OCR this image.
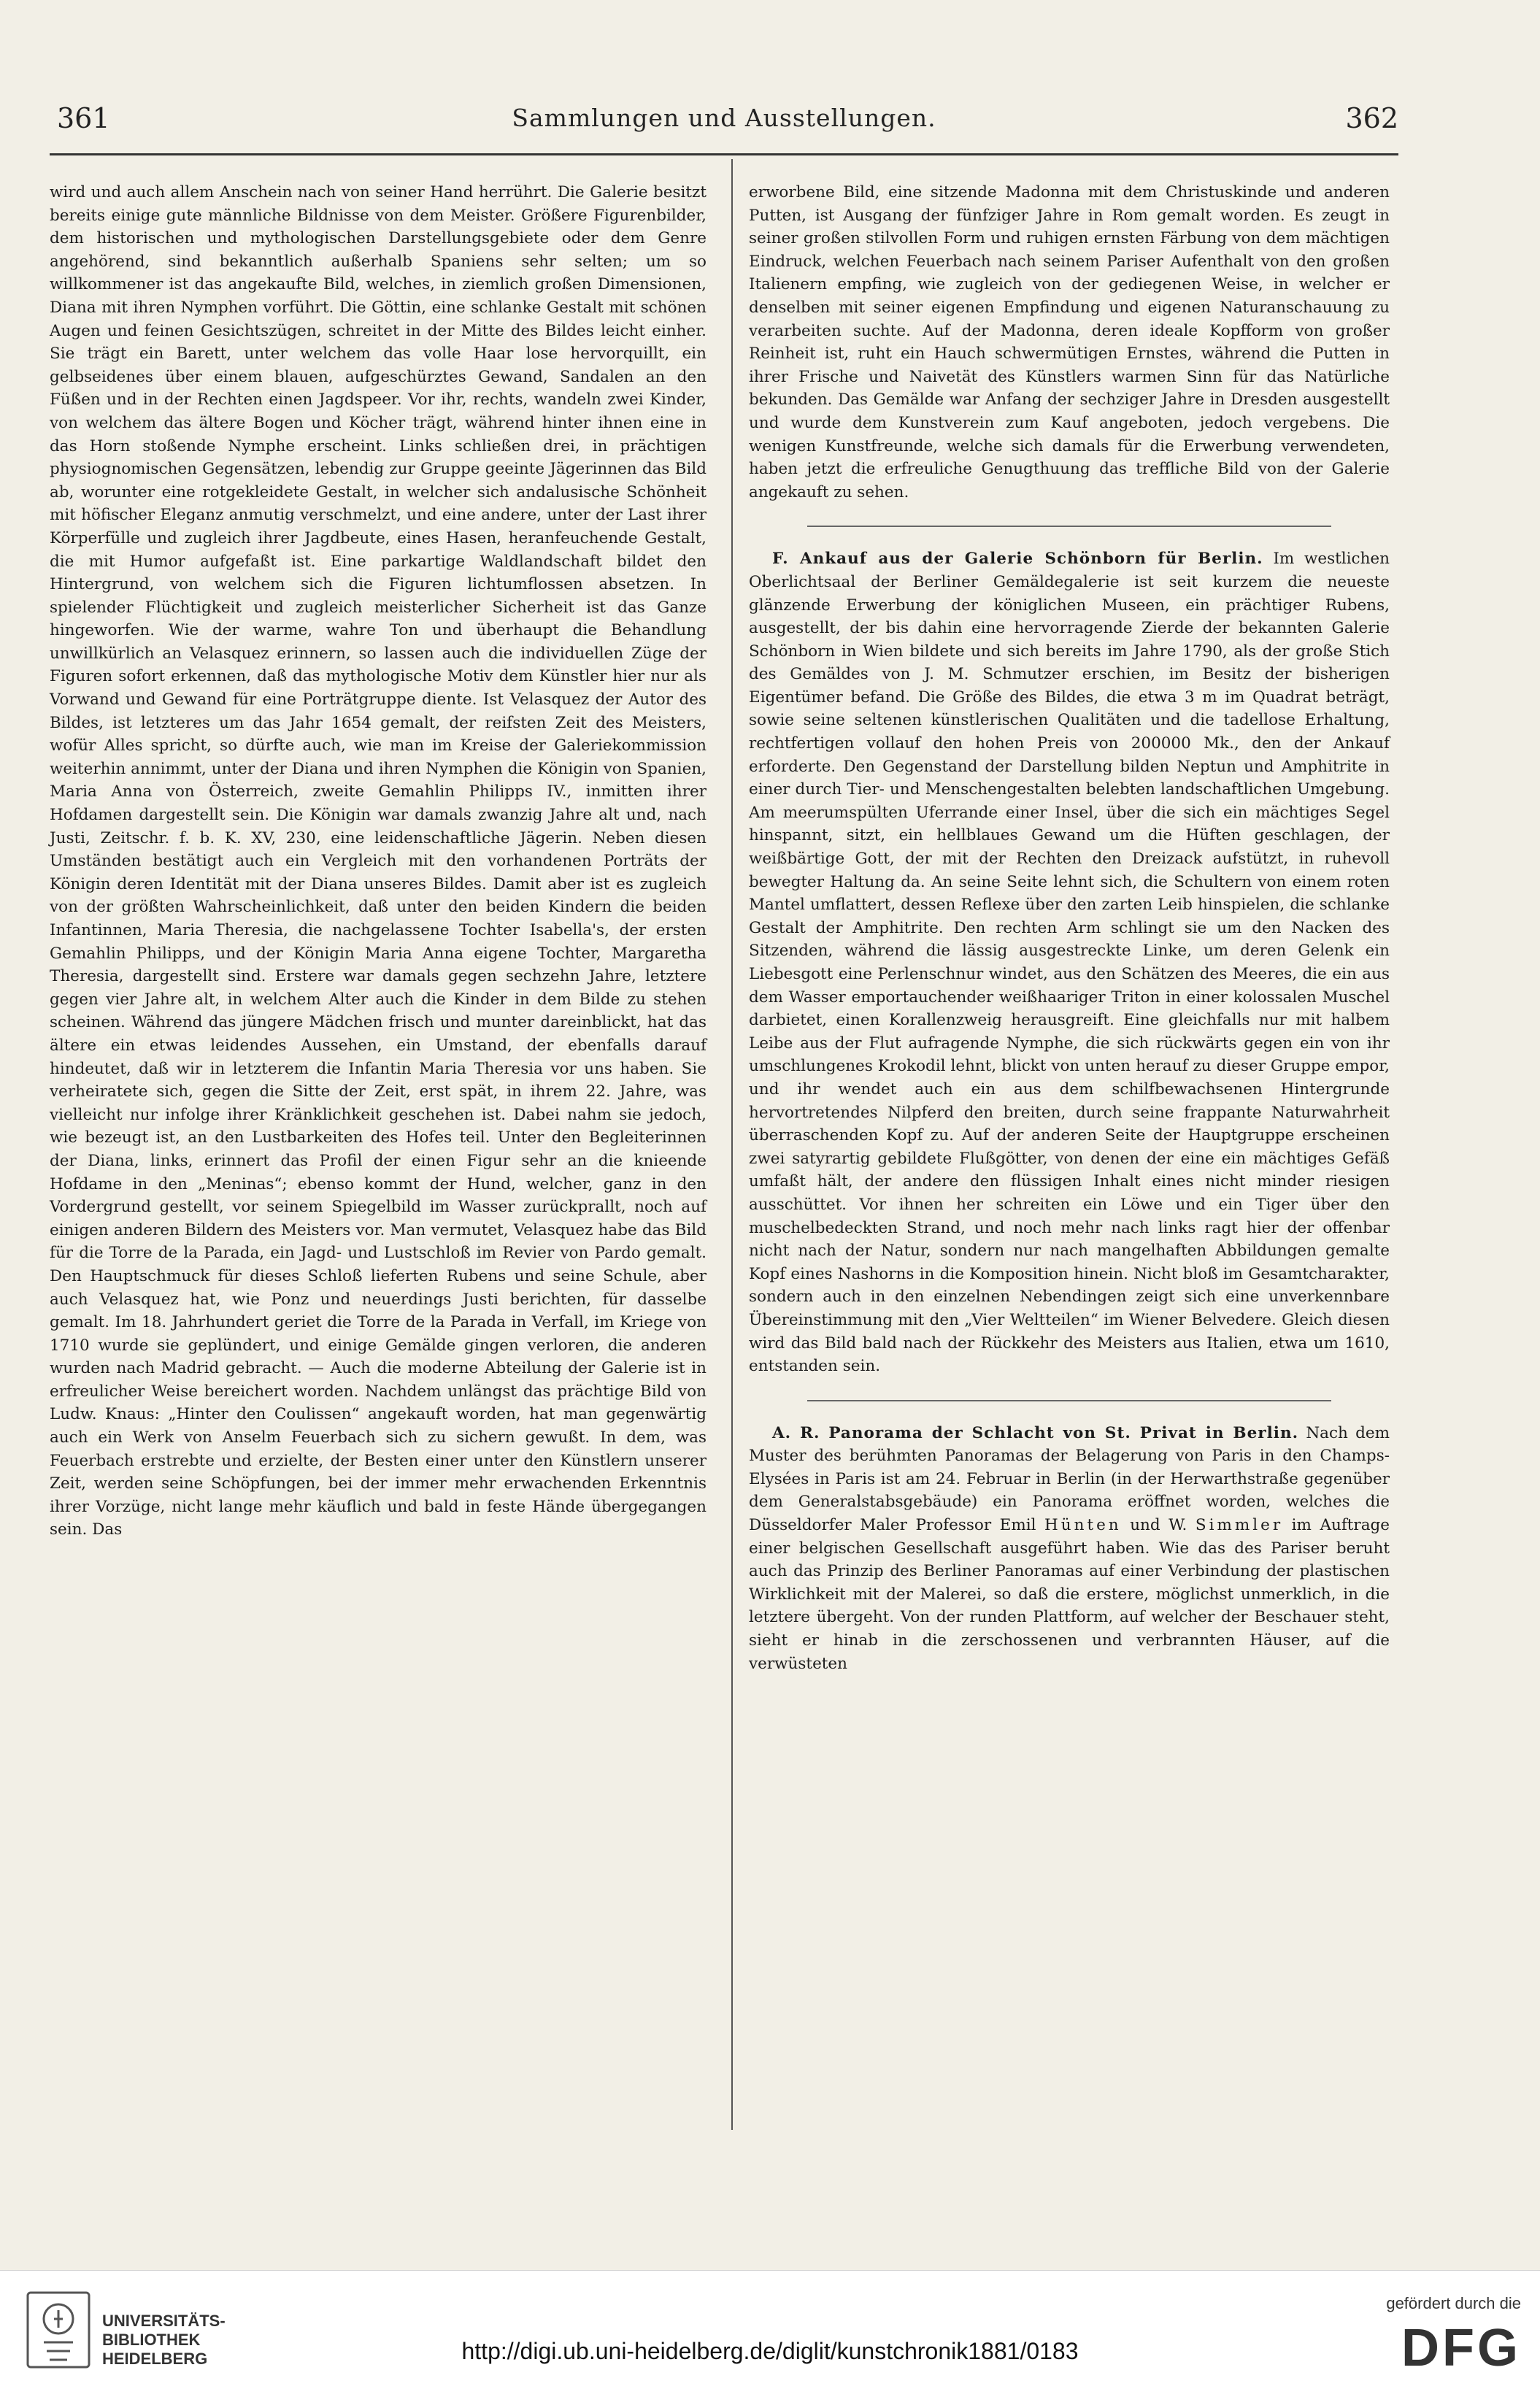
361	Sammlungen und Ausstellungen.	362

wird und auch allem Anschein nach von seiner Hand herrührt. Die Galerie besitzt bereits einige gute männliche Bildnisse von dem Meister. Größere Figurenbilder, dem historischen und mythologischen Darstellungsgebiete oder dem Genre angehörend, sind bekanntlich außerhalb Spaniens sehr selten; um so willkommener ist das angekaufte Bild, welches, in ziemlich großen Dimensionen, Diana mit ihren Nymphen vorführt. Die Göttin, eine schlanke Gestalt mit schönen Augen und feinen Gesichtszügen, schreitet in der Mitte des Bildes leicht einher. Sie trägt ein Barett, unter welchem das volle Haar lose hervorquillt, ein gelbseidenes über einem blauen, aufgeschürztes Gewand, Sandalen an den Füßen und in der Rechten einen Jagdspeer. Vor ihr, rechts, wandeln zwei Kinder, von welchem das ältere Bogen und Köcher trägt, während hinter ihnen eine in das Horn stoßende Nymphe erscheint. Links schließen drei, in prächtigen physiognomischen Gegensätzen, lebendig zur Gruppe geeinte Jägerinnen das Bild ab, worunter eine rotgekleidete Gestalt, in welcher sich andalusische Schönheit mit höfischer Eleganz anmutig verschmelzt, und eine andere, unter der Last ihrer Körperfülle und zugleich ihrer Jagdbeute, eines Hasen, heranfeuchende Gestalt, die mit Humor aufgefaßt ist. Eine parkartige Waldlandschaft bildet den Hintergrund, von welchem sich die Figuren lichtumflossen absetzen. In spielender Flüchtigkeit und zugleich meisterlicher Sicherheit ist das Ganze hingeworfen. Wie der warme, wahre Ton und überhaupt die Behandlung unwillkürlich an Velasquez erinnern, so lassen auch die individuellen Züge der Figuren sofort erkennen, daß das mythologische Motiv dem Künstler hier nur als Vorwand und Gewand für eine Porträtgruppe diente. Ist Velasquez der Autor des Bildes, ist letzteres um das Jahr 1654 gemalt, der reifsten Zeit des Meisters, wofür Alles spricht, so dürfte auch, wie man im Kreise der Galeriekommission weiterhin annimmt, unter der Diana und ihren Nymphen die Königin von Spanien, Maria Anna von Österreich, zweite Gemahlin Philipps IV., inmitten ihrer Hofdamen dargestellt sein. Die Königin war damals zwanzig Jahre alt und, nach Justi, Zeitschr. f. b. K. XV, 230, eine leidenschaftliche Jägerin. Neben diesen Umständen bestätigt auch ein Vergleich mit den vorhandenen Porträts der Königin deren Identität mit der Diana unseres Bildes. Damit aber ist es zugleich von der größten Wahrscheinlichkeit, daß unter den beiden Kindern die beiden Infantinnen, Maria Theresia, die nachgelassene Tochter Isabella's, der ersten Gemahlin Philipps, und der Königin Maria Anna eigene Tochter, Margaretha Theresia, dargestellt sind. Erstere war damals gegen sechzehn Jahre, letztere gegen vier Jahre alt, in welchem Alter auch die Kinder in dem Bilde zu stehen scheinen. Während das jüngere Mädchen frisch und munter dareinblickt, hat das ältere ein etwas leidendes Aussehen, ein Umstand, der ebenfalls darauf hindeutet, daß wir in letzterem die Infantin Maria Theresia vor uns haben. Sie verheiratete sich, gegen die Sitte der Zeit, erst spät, in ihrem 22. Jahre, was vielleicht nur infolge ihrer Kränklichkeit geschehen ist. Dabei nahm sie jedoch, wie bezeugt ist, an den Lustbarkeiten des Hofes teil. Unter den Begleiterinnen der Diana, links, erinnert das Profil der einen Figur sehr an die knieende Hofdame in den „Meninas“; ebenso kommt der Hund, welcher, ganz in den Vordergrund gestellt, vor seinem Spiegelbild im Wasser zurückprallt, noch auf einigen anderen Bildern des Meisters vor. Man vermutet, Velasquez habe das Bild für die Torre de la Parada, ein Jagd- und Lustschloß im Revier von Pardo gemalt. Den Hauptschmuck für dieses Schloß lieferten Rubens und seine Schule, aber auch Velasquez hat, wie Ponz und neuerdings Justi berichten, für dasselbe gemalt. Im 18. Jahrhundert geriet die Torre de la Parada in Verfall, im Kriege von 1710 wurde sie geplündert, und einige Gemälde gingen verloren, die anderen wurden nach Madrid gebracht. — Auch die moderne Abteilung der Galerie ist in erfreulicher Weise bereichert worden. Nachdem unlängst das prächtige Bild von Ludw. Knaus: „Hinter den Coulissen“ angekauft worden, hat man gegenwärtig auch ein Werk von Anselm Feuerbach sich zu sichern gewußt. In dem, was Feuerbach erstrebte und erzielte, der Besten einer unter den Künstlern unserer Zeit, werden seine Schöpfungen, bei der immer mehr erwachenden Erkenntnis ihrer Vorzüge, nicht lange mehr käuflich und bald in feste Hände übergegangen sein. Das

erworbene Bild, eine sitzende Madonna mit dem Christuskinde und anderen Putten, ist Ausgang der fünfziger Jahre in Rom gemalt worden. Es zeugt in seiner großen stilvollen Form und ruhigen ernsten Färbung von dem mächtigen Eindruck, welchen Feuerbach nach seinem Pariser Aufenthalt von den großen Italienern empfing, wie zugleich von der gediegenen Weise, in welcher er denselben mit seiner eigenen Empfindung und eigenen Naturanschauung zu verarbeiten suchte. Auf der Madonna, deren ideale Kopfform von großer Reinheit ist, ruht ein Hauch schwermütigen Ernstes, während die Putten in ihrer Frische und Naivetät des Künstlers warmen Sinn für das Natürliche bekunden. Das Gemälde war Anfang der sechziger Jahre in Dresden ausgestellt und wurde dem Kunstverein zum Kauf angeboten, jedoch vergebens. Die wenigen Kunstfreunde, welche sich damals für die Erwerbung verwendeten, haben jetzt die erfreuliche Genugthuung das treffliche Bild von der Galerie angekauft zu sehen.

F. Ankauf aus der Galerie Schönborn für Berlin. Im westlichen Oberlichtsaal der Berliner Gemäldegalerie ist seit kurzem die neueste glänzende Erwerbung der königlichen Museen, ein prächtiger Rubens, ausgestellt, der bis dahin eine hervorragende Zierde der bekannten Galerie Schönborn in Wien bildete und sich bereits im Jahre 1790, als der große Stich des Gemäldes von J. M. Schmutzer erschien, im Besitz der bisherigen Eigentümer befand. Die Größe des Bildes, die etwa 3 m im Quadrat beträgt, sowie seine seltenen künstlerischen Qualitäten und die tadellose Erhaltung, rechtfertigen vollauf den hohen Preis von 200000 Mk., den der Ankauf erforderte. Den Gegenstand der Darstellung bilden Neptun und Amphitrite in einer durch Tier- und Menschengestalten belebten landschaftlichen Umgebung. Am meerumspülten Uferrande einer Insel, über die sich ein mächtiges Segel hinspannt, sitzt, ein hellblaues Gewand um die Hüften geschlagen, der weißbärtige Gott, der mit der Rechten den Dreizack aufstützt, in ruhevoll bewegter Haltung da. An seine Seite lehnt sich, die Schultern von einem roten Mantel umflattert, dessen Reflexe über den zarten Leib hinspielen, die schlanke Gestalt der Amphitrite. Den rechten Arm schlingt sie um den Nacken des Sitzenden, während die lässig ausgestreckte Linke, um deren Gelenk ein Liebesgott eine Perlenschnur windet, aus den Schätzen des Meeres, die ein aus dem Wasser emportauchender weißhaariger Triton in einer kolossalen Muschel darbietet, einen Korallenzweig herausgreift. Eine gleichfalls nur mit halbem Leibe aus der Flut aufragende Nymphe, die sich rückwärts gegen ein von ihr umschlungenes Krokodil lehnt, blickt von unten herauf zu dieser Gruppe empor, und ihr wendet auch ein aus dem schilfbewachsenen Hintergrunde hervortretendes Nilpferd den breiten, durch seine frappante Naturwahrheit überraschenden Kopf zu. Auf der anderen Seite der Hauptgruppe erscheinen zwei satyrartig gebildete Flußgötter, von denen der eine ein mächtiges Gefäß umfaßt hält, der andere den flüssigen Inhalt eines nicht minder riesigen ausschüttet. Vor ihnen her schreiten ein Löwe und ein Tiger über den muschelbedeckten Strand, und noch mehr nach links ragt hier der offenbar nicht nach der Natur, sondern nur nach mangelhaften Abbildungen gemalte Kopf eines Nashorns in die Komposition hinein. Nicht bloß im Gesamtcharakter, sondern auch in den einzelnen Nebendingen zeigt sich eine unverkennbare Übereinstimmung mit den „Vier Weltteilen“ im Wiener Belvedere. Gleich diesen wird das Bild bald nach der Rückkehr des Meisters aus Italien, etwa um 1610, entstanden sein.

A. R. Panorama der Schlacht von St. Privat in Berlin. Nach dem Muster des berühmten Panoramas der Belagerung von Paris in den Champs-Elysées in Paris ist am 24. Februar in Berlin (in der Herwarthstraße gegenüber dem Generalstabsgebäude) ein Panorama eröffnet worden, welches die Düsseldorfer Maler Professor Emil Hünten und W. Simmler im Auftrage einer belgischen Gesellschaft ausgeführt haben. Wie das des Pariser beruht auch das Prinzip des Berliner Panoramas auf einer Verbindung der plastischen Wirklichkeit mit der Malerei, so daß die erstere, möglichst unmerklich, in die letztere übergeht. Von der runden Plattform, auf welcher der Beschauer steht, sieht er hinab in die zerschossenen und verbrannten Häuser, auf die verwüsteten

UNIVERSITÄTS-
BIBLIOTHEK
HEIDELBERG	http://digi.ub.uni-heidelberg.de/diglit/kunstchronik1881/0183
gefördert durch die
DFG
